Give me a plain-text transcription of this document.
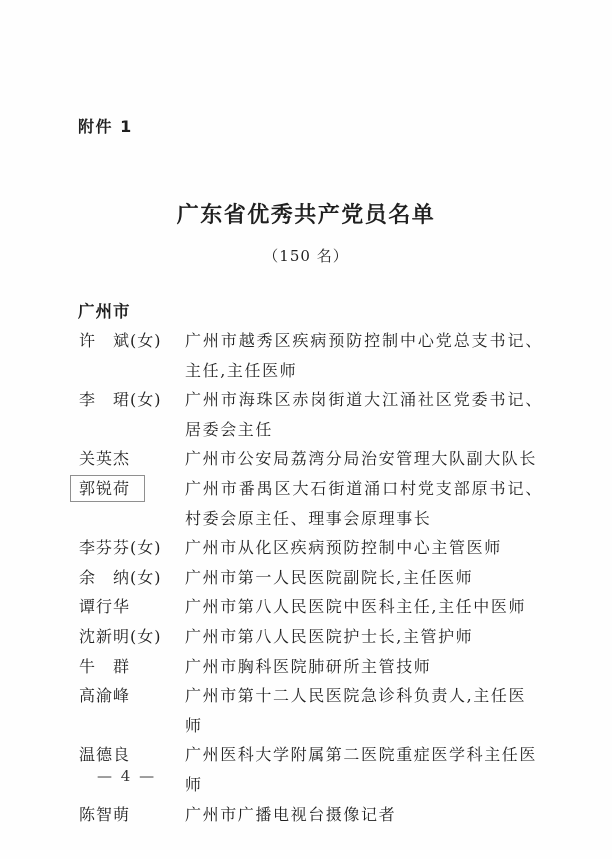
附件 1
广东省优秀共产党员名单
（150 名）
广州市
许　斌(女)	广州市越秀区疾病预防控制中心党总支书记、
主任,主任医师
李　珺(女)	广州市海珠区赤岗街道大江涌社区党委书记、
居委会主任
关英杰	广州市公安局荔湾分局治安管理大队副大队长
郭锐荷	广州市番禺区大石街道涌口村党支部原书记、
村委会原主任、理事会原理事长
李芬芬(女)	广州市从化区疾病预防控制中心主管医师
余　纳(女)	广州市第一人民医院副院长,主任医师
谭行华	广州市第八人民医院中医科主任,主任中医师
沈新明(女)	广州市第八人民医院护士长,主管护师
牛　群	广州市胸科医院肺研所主管技师
高渝峰	广州市第十二人民医院急诊科负责人,主任医师
温德良	广州医科大学附属第二医院重症医学科主任医师
陈智萌	广州市广播电视台摄像记者
— 4 —
